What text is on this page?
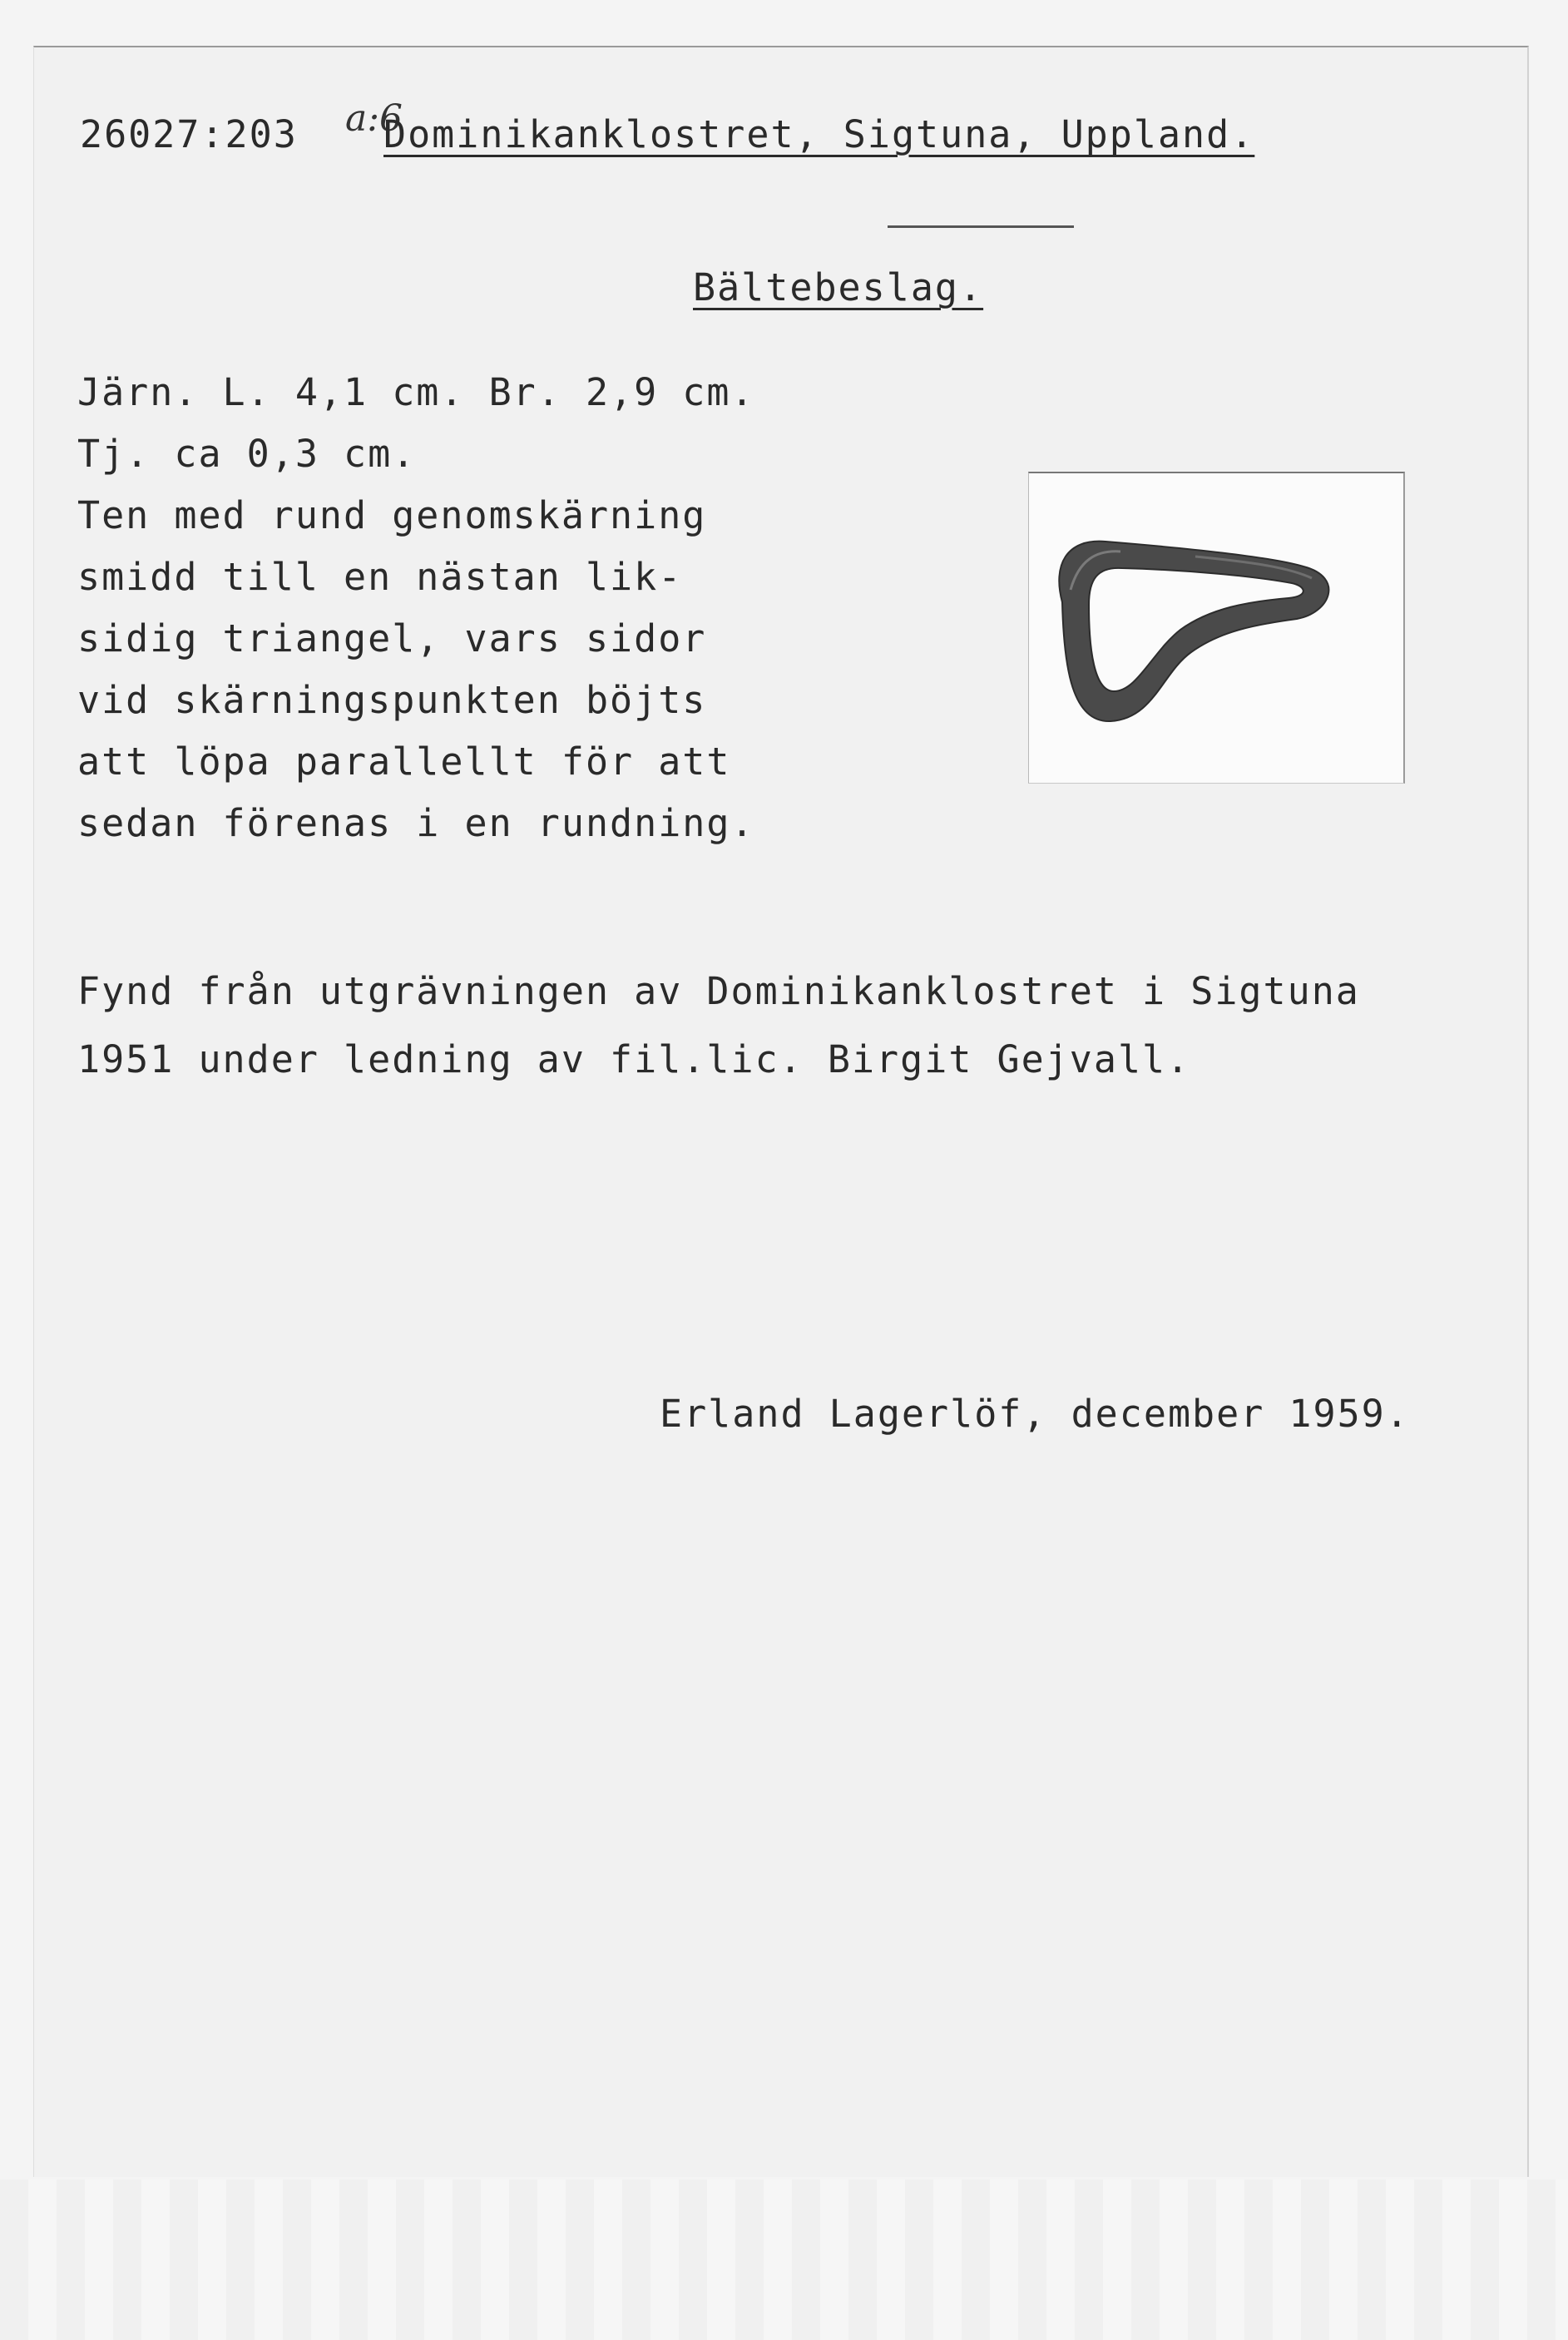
a:6
26027:203 Dominikanklostret, Sigtuna, Uppland.
Bältebeslag.
Järn. L. 4,1 cm. Br. 2,9 cm.
Tj. ca 0,3 cm.
Ten med rund genomskärning
smidd till en nästan lik-
sidig triangel, vars sidor
vid skärningspunkten böjts
att löpa parallellt för att
sedan förenas i en rundning.
Fynd från utgrävningen av Dominikanklostret i Sigtuna
1951 under ledning av fil.lic. Birgit Gejvall.
Erland Lagerlöf, december 1959.
